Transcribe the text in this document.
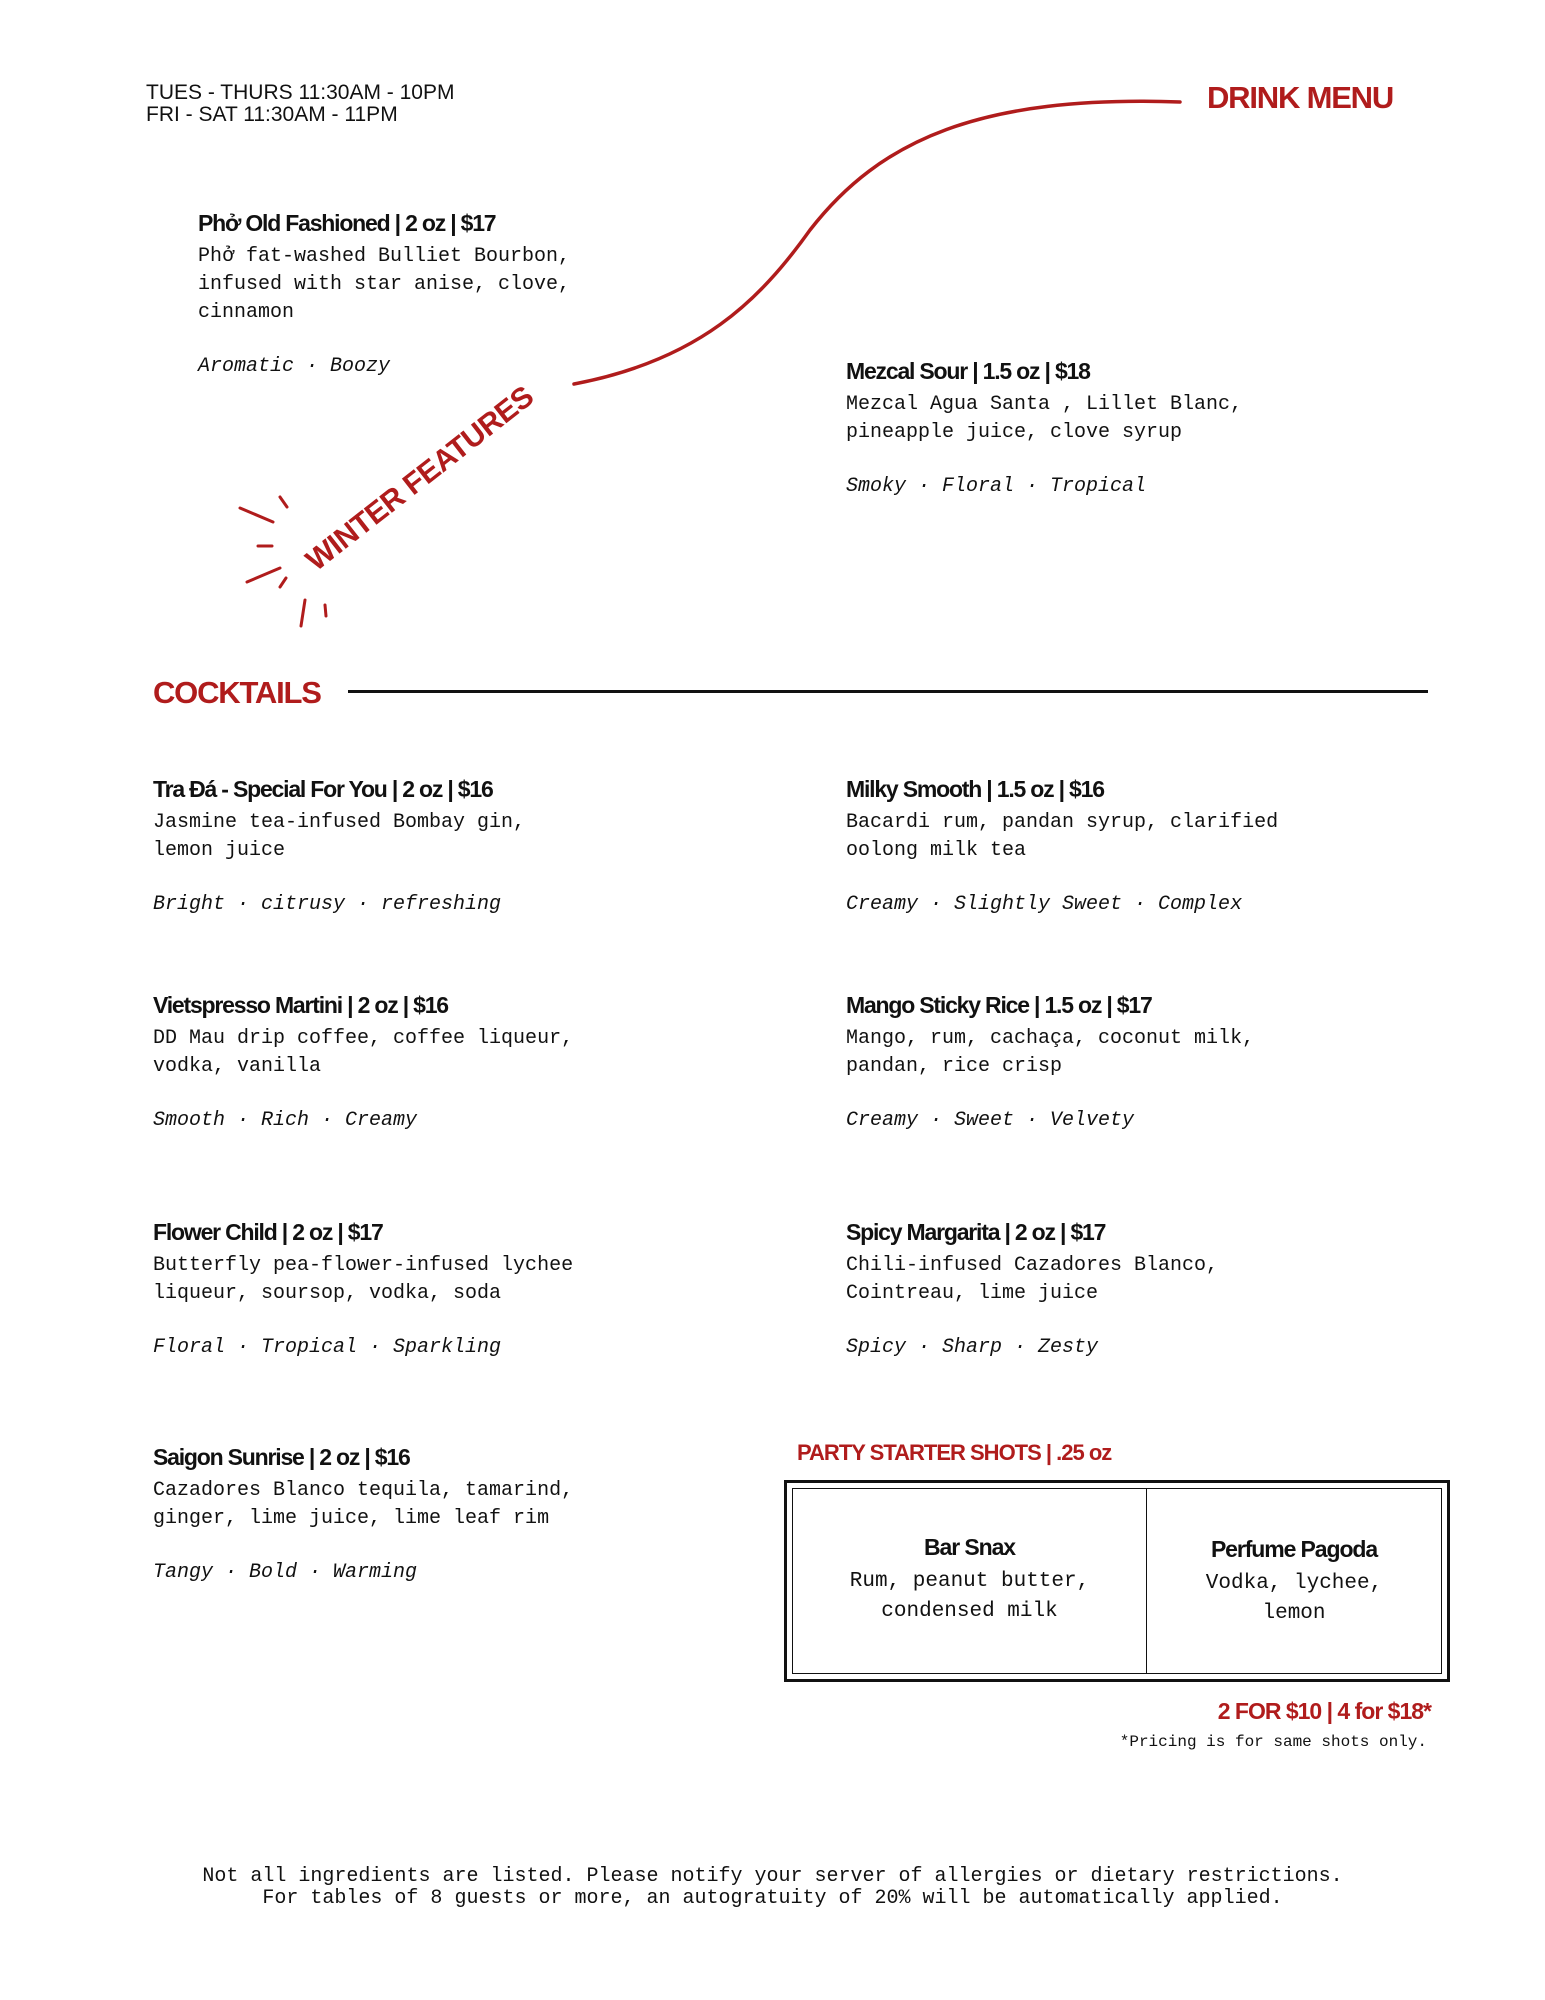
TUES - THURS 11:30AM - 10PM
FRI - SAT 11:30AM - 11PM	DRINK MENU
WINTER FEATURES
Phở Old Fashioned | 2 oz | $17
Phở fat-washed Bulliet Bourbon,
infused with star anise, clove,
cinnamon
Aromatic · Boozy	Mezcal Sour | 1.5 oz | $18
Mezcal Agua Santa , Lillet Blanc,
pineapple juice, clove syrup
Smoky · Floral · Tropical
COCKTAILS
Tra Đá - Special For You | 2 oz | $16
Jasmine tea-infused Bombay gin,
lemon juice
Bright · citrusy · refreshing
Milky Smooth | 1.5 oz | $16
Bacardi rum, pandan syrup, clarified
oolong milk tea
Creamy · Slightly Sweet · Complex
Vietspresso Martini | 2 oz | $16
DD Mau drip coffee, coffee liqueur,
vodka, vanilla
Smooth · Rich · Creamy
Mango Sticky Rice | 1.5 oz | $17
Mango, rum, cachaça, coconut milk,
pandan, rice crisp
Creamy · Sweet · Velvety
Flower Child | 2 oz | $17
Butterfly pea-flower-infused lychee
liqueur, soursop, vodka, soda
Floral · Tropical · Sparkling
Spicy Margarita | 2 oz | $17
Chili-infused Cazadores Blanco,
Cointreau, lime juice
Spicy · Sharp · Zesty
Saigon Sunrise | 2 oz | $16
Cazadores Blanco tequila, tamarind,
ginger, lime juice, lime leaf rim
Tangy · Bold · Warming
PARTY STARTER SHOTS | .25 oz
Bar Snax
Rum, peanut butter,
condensed milk
Perfume Pagoda
Vodka, lychee,
lemon
2 FOR $10 | 4 for $18*
*Pricing is for same shots only.
Not all ingredients are listed. Please notify your server of allergies or dietary restrictions.
For tables of 8 guests or more, an autogratuity of 20% will be automatically applied.
